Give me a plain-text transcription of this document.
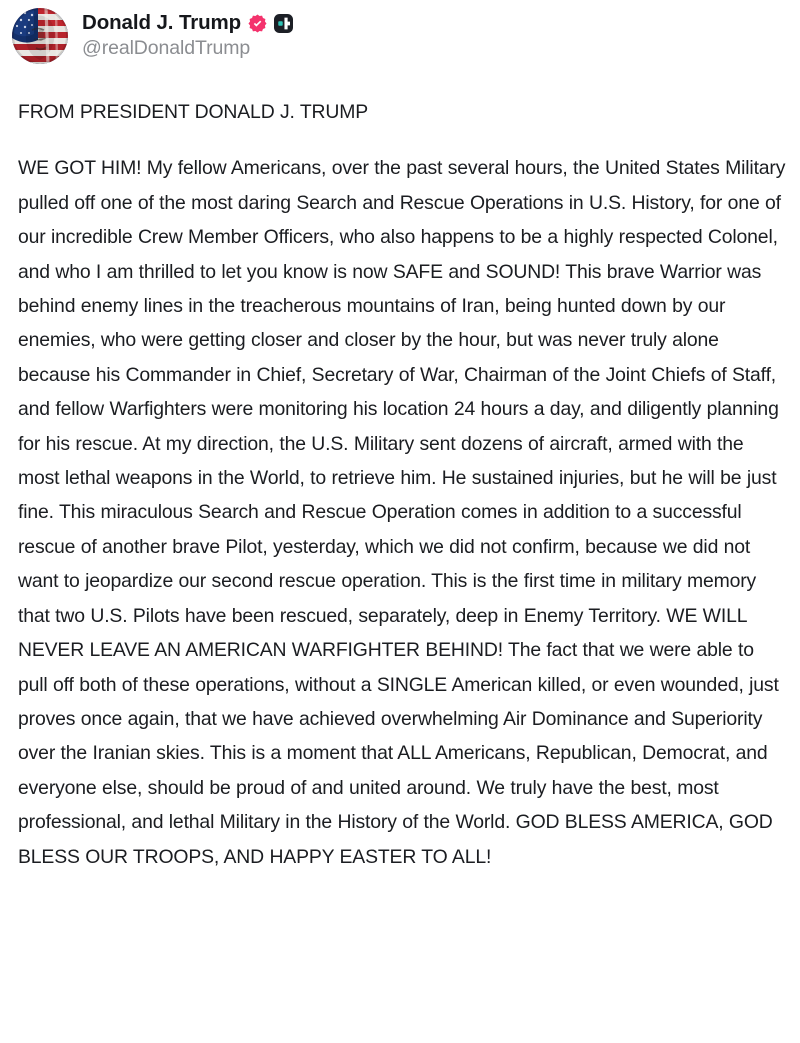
Donald J. Trump
@realDonaldTrump

FROM PRESIDENT DONALD J. TRUMP

WE GOT HIM! My fellow Americans, over the past several hours, the United States Military pulled off one of the most daring Search and Rescue Operations in U.S. History, for one of our incredible Crew Member Officers, who also happens to be a highly respected Colonel, and who I am thrilled to let you know is now SAFE and SOUND! This brave Warrior was behind enemy lines in the treacherous mountains of Iran, being hunted down by our enemies, who were getting closer and closer by the hour, but was never truly alone because his Commander in Chief, Secretary of War, Chairman of the Joint Chiefs of Staff, and fellow Warfighters were monitoring his location 24 hours a day, and diligently planning for his rescue. At my direction, the U.S. Military sent dozens of aircraft, armed with the most lethal weapons in the World, to retrieve him. He sustained injuries, but he will be just fine. This miraculous Search and Rescue Operation comes in addition to a successful rescue of another brave Pilot, yesterday, which we did not confirm, because we did not want to jeopardize our second rescue operation. This is the first time in military memory that two U.S. Pilots have been rescued, separately, deep in Enemy Territory. WE WILL NEVER LEAVE AN AMERICAN WARFIGHTER BEHIND! The fact that we were able to pull off both of these operations, without a SINGLE American killed, or even wounded, just proves once again, that we have achieved overwhelming Air Dominance and Superiority over the Iranian skies. This is a moment that ALL Americans, Republican, Democrat, and everyone else, should be proud of and united around. We truly have the best, most professional, and lethal Military in the History of the World. GOD BLESS AMERICA, GOD BLESS OUR TROOPS, AND HAPPY EASTER TO ALL!
